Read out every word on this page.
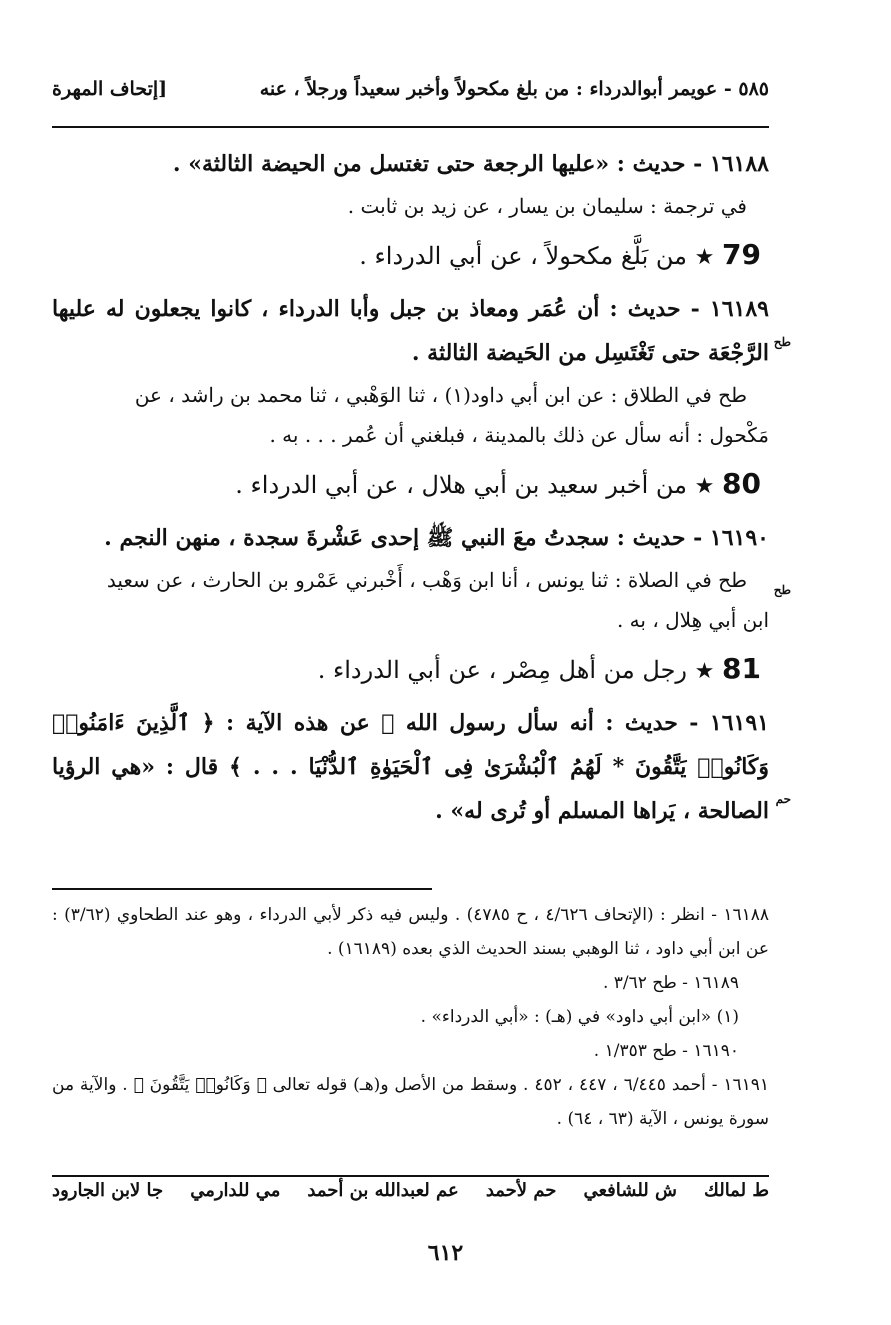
٥٨٥ - عويمر أبوالدرداء : من بلغ مكحولاً وأخبر سعيداً ورجلاً ، عنه
[إتحاف المهرة
١٦١٨٨ - حديث : «عليها الرجعة حتى تغتسل من الحيضة الثالثة» .
في ترجمة : سليمان بن يسار ، عن زيد بن ثابت .
79 ★ من بَلَّغ مكحولاً ، عن أبي الدرداء .
١٦١٨٩ - حديث : أن عُمَر ومعاذ بن جبل وأبا الدرداء ، كانوا يجعلون له عليها الرَّجْعَة حتى تَغْتَسِل من الحَيضة الثالثة .
طح في الطلاق : عن ابن أبي داود(١) ، ثنا الوَهْبي ، ثنا محمد بن راشد ، عن
مَكْحول : أنه سأل عن ذلك بالمدينة ، فبلغني أن عُمر . . . به .
80 ★ من أخبر سعيد بن أبي هلال ، عن أبي الدرداء .
١٦١٩٠ - حديث : سجدتُ معَ النبي ﷺ إحدى عَشْرةَ سجدة ، منهن النجم .
طح في الصلاة : ثنا يونس ، أنا ابن وَهْب ، أَخْبرني عَمْرو بن الحارث ، عن سعيد
ابن أبي هِلال ، به .
81 ★ رجل من أهل مِصْر ، عن أبي الدرداء .
١٦١٩١ - حديث : أنه سأل رسول الله ﷺ عن هذه الآية : ﴿ ٱلَّذِينَ ءَامَنُوا۟ وَكَانُوا۟ يَتَّقُونَ * لَهُمُ ٱلْبُشْرَىٰ فِى ٱلْحَيَوٰةِ ٱلدُّنْيَا . . . ﴾ قال : «هي الرؤيا الصالحة ، يَراها المسلم أو تُرى له» .
طح
طح
حم
١٦١٨٨ - انظر : (الإتحاف ٤/٦٢٦ ، ح ٤٧٨٥) . وليس فيه ذكر لأبي الدرداء ، وهو عند الطحاوي (٣/٦٢) : عن ابن أبي داود ، ثنا الوهبي بسند الحديث الذي بعده (١٦١٨٩) .
١٦١٨٩ - طح ٣/٦٢ .
(١) «ابن أبي داود» في (هـ) : «أبي الدرداء» .
١٦١٩٠ - طح ١/٣٥٣ .
١٦١٩١ - أحمد ٦/٤٤٥ ، ٤٤٧ ، ٤٥٢ . وسقط من الأصل و(هـ) قوله تعالى ﴿ وَكَانُوا۟ يَتَّقُونَ ﴾ . والآية من سورة يونس ، الآية (٦٣ ، ٦٤) .
ط لمالك
ش للشافعي
حم لأحمد
عم لعبدالله بن أحمد
مي للدارمي
جا لابن الجارود
٦١٢
